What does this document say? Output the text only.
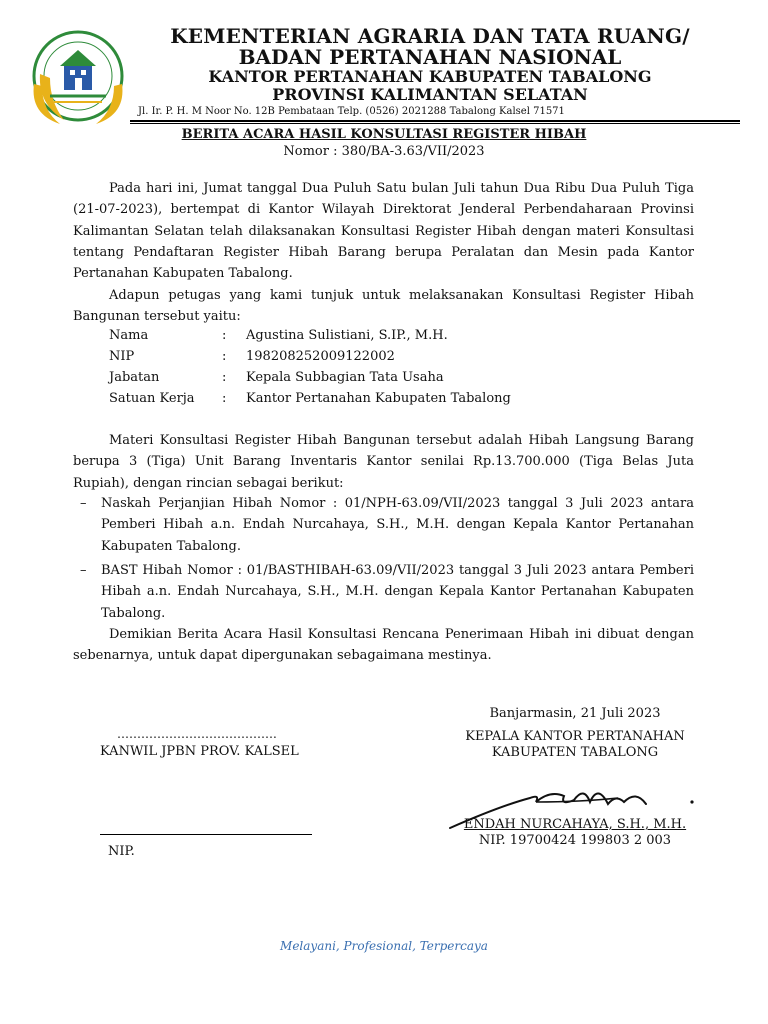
KEMENTERIAN AGRARIA DAN TATA RUANG/
BADAN PERTANAHAN NASIONAL
KANTOR PERTANAHAN KABUPATEN TABALONG
PROVINSI KALIMANTAN SELATAN
Jl. Ir. P. H. M Noor No. 12B Pembataan Telp. (0526) 2021288 Tabalong Kalsel 71571
BERITA ACARA HASIL KONSULTASI REGISTER HIBAH
Nomor : 380/BA-3.63/VII/2023
Pada hari ini, Jumat tanggal Dua Puluh Satu bulan Juli tahun Dua Ribu Dua Puluh Tiga (21-07-2023), bertempat di Kantor Wilayah Direktorat Jenderal Perbendaharaan Provinsi Kalimantan Selatan telah dilaksanakan Konsultasi Register Hibah dengan materi Konsultasi tentang Pendaftaran Register Hibah Barang berupa Peralatan dan Mesin pada Kantor Pertanahan Kabupaten Tabalong.
Adapun petugas yang kami tunjuk untuk melaksanakan Konsultasi Register Hibah Bangunan tersebut yaitu:
Nama	: Agustina Sulistiani, S.IP., M.H.
NIP	: 198208252009122002
Jabatan	: Kepala Subbagian Tata Usaha
Satuan Kerja : Kantor Pertanahan Kabupaten Tabalong
Materi Konsultasi Register Hibah Bangunan tersebut adalah Hibah Langsung Barang berupa 3 (Tiga) Unit Barang Inventaris Kantor senilai Rp.13.700.000 (Tiga Belas Juta Rupiah), dengan rincian sebagai berikut:
–	Naskah Perjanjian Hibah Nomor : 01/NPH-63.09/VII/2023 tanggal 3 Juli 2023 antara Pemberi Hibah a.n. Endah Nurcahaya, S.H., M.H. dengan Kepala Kantor Pertanahan Kabupaten Tabalong.
–	BAST Hibah Nomor : 01/BASTHIBAH-63.09/VII/2023 tanggal 3 Juli 2023 antara Pemberi Hibah a.n. Endah Nurcahaya, S.H., M.H. dengan Kepala Kantor Pertanahan Kabupaten Tabalong.
Demikian Berita Acara Hasil Konsultasi Rencana Penerimaan Hibah ini dibuat dengan sebenarnya, untuk dapat dipergunakan sebagaimana mestinya.
Banjarmasin, 21 Juli 2023
………………………………….
KANWIL JPBN PROV. KALSEL
NIP.
KEPALA KANTOR PERTANAHAN
KABUPATEN TABALONG
ENDAH NURCAHAYA, S.H., M.H.
NIP. 19700424 199803 2 003
Melayani, Profesional, Terpercaya
